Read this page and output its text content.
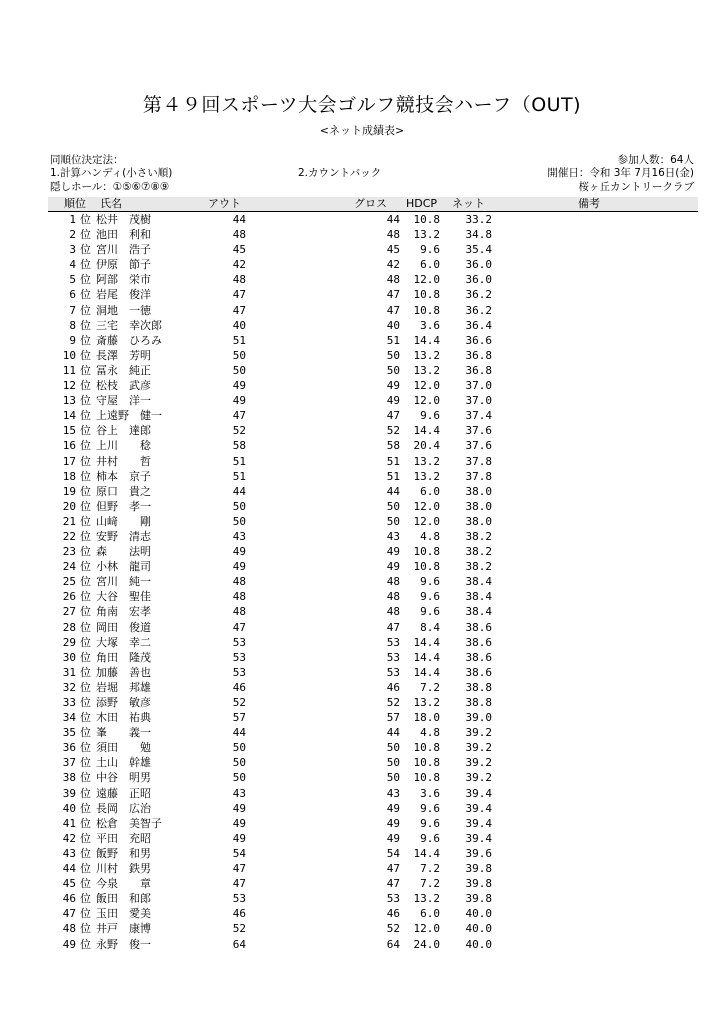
第４９回スポーツ大会ゴルフ競技会ハーフ（OUT)
<ネット成績表>
同順位決定法：
1.計算ハンディ(小さい順)	2.カウントバック
隠しホール：①⑤⑥⑦⑧⑨
参加人数：64人
開催日：令和 3年 7月16日(金)
桜ヶ丘カントリークラブ
順位 氏名	アウト	グロス HDCP ネット	備考
1 位 松井　茂樹	44	44	10.8	33.2
2 位 池田　利和	48	48	13.2	34.8
3 位 宮川　浩子	45	45	9.6	35.4
4 位 伊原　節子	42	42	6.0	36.0
5 位 阿部　栄市	48	48	12.0	36.0
6 位 岩尾　俊洋	47	47	10.8	36.2
7 位 洞地　一徳	47	47	10.8	36.2
8 位 三宅　幸次郎	40	40	3.6	36.4
9 位 斎藤　ひろみ	51	51	14.4	36.6
10 位 長澤　芳明	50	50	13.2	36.8
11 位 冨永　純正	50	50	13.2	36.8
12 位 松枝　武彦	49	49	12.0	37.0
13 位 守屋　洋一	49	49	12.0	37.0
14 位 上遠野　健一	47	47	9.6	37.4
15 位 谷上　達郎	52	52	14.4	37.6
16 位 上川　　稔	58	58	20.4	37.6
17 位 井村　　哲	51	51	13.2	37.8
18 位 柿本　京子	51	51	13.2	37.8
19 位 原口　貴之	44	44	6.0	38.0
20 位 但野　孝一	50	50	12.0	38.0
21 位 山﨑　　剛	50	50	12.0	38.0
22 位 安野　清志	43	43	4.8	38.2
23 位 森　　法明	49	49	10.8	38.2
24 位 小林　龍司	49	49	10.8	38.2
25 位 宮川　純一	48	48	9.6	38.4
26 位 大谷　聖佳	48	48	9.6	38.4
27 位 角南　宏孝	48	48	9.6	38.4
28 位 岡田　俊道	47	47	8.4	38.6
29 位 大塚　幸二	53	53	14.4	38.6
30 位 角田　隆茂	53	53	14.4	38.6
31 位 加藤　善也	53	53	14.4	38.6
32 位 岩堀　邦雄	46	46	7.2	38.8
33 位 添野　敏彦	52	52	13.2	38.8
34 位 木田　祐典	57	57	18.0	39.0
35 位 峯　　義一	44	44	4.8	39.2
36 位 須田　　勉	50	50	10.8	39.2
37 位 土山　幹雄	50	50	10.8	39.2
38 位 中谷　明男	50	50	10.8	39.2
39 位 遠藤　正昭	43	43	3.6	39.4
40 位 長岡　広治	49	49	9.6	39.4
41 位 松倉　美智子	49	49	9.6	39.4
42 位 平田　充昭	49	49	9.6	39.4
43 位 飯野　和男	54	54	14.4	39.6
44 位 川村　鉄男	47	47	7.2	39.8
45 位 今泉　　章	47	47	7.2	39.8
46 位 飯田　和郎	53	53	13.2	39.8
47 位 玉田　愛美	46	46	6.0	40.0
48 位 井戸　康博	52	52	12.0	40.0
49 位 永野　俊一	64	64	24.0	40.0
